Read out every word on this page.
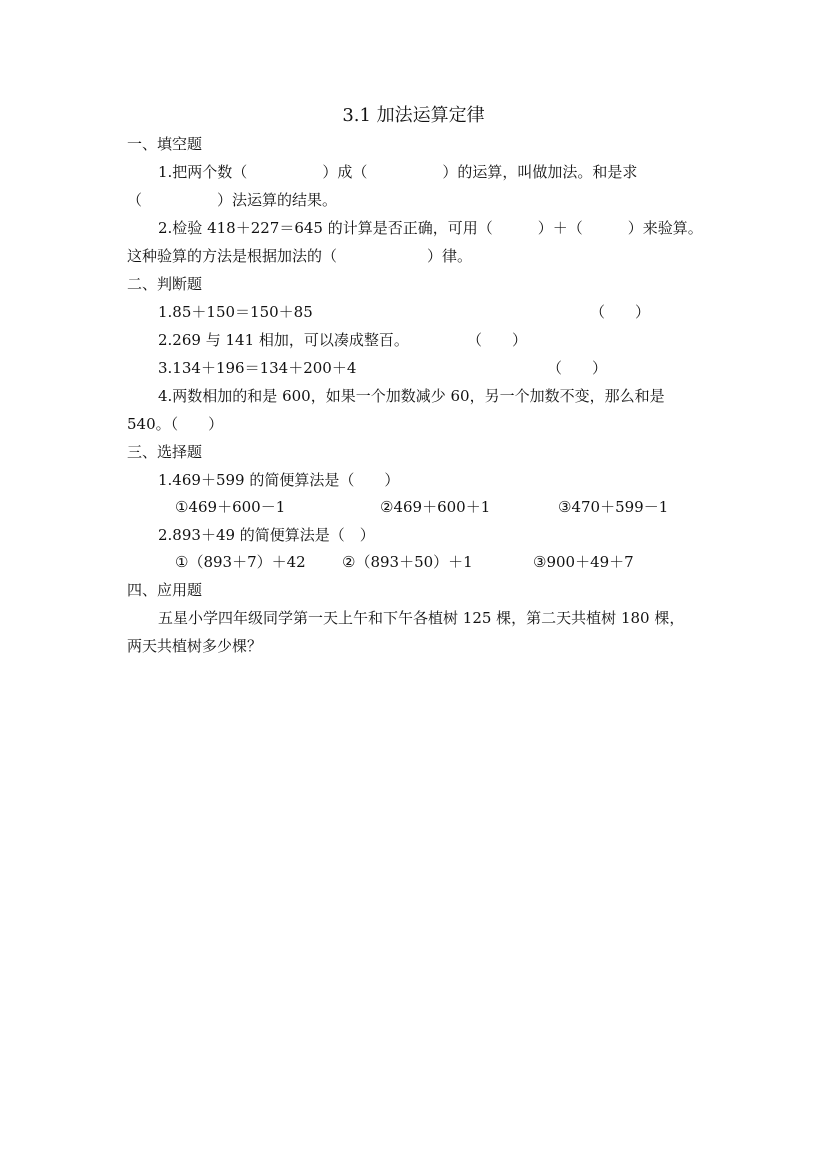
3.1 加法运算定律
一、填空题
1.把两个数（　　　　　）成（　　　　　）的运算，叫做加法。和是求
（　　　　　）法运算的结果。
2.检验 418＋227＝645 的计算是否正确，可用（　　　）＋（　　　）来验算。
这种验算的方法是根据加法的（　　　　　　）律。
二、判断题
1.85＋150＝150＋85	（　　）
2.269 与 141 相加，可以凑成整百。	（　　）
3.134＋196＝134＋200＋4	（　　）
4.两数相加的和是 600，如果一个加数减少 60，另一个加数不变，那么和是
540。（　　）
三、选择题
1.469＋599 的简便算法是（　　）
①469＋600－1	②469＋600＋1	③470＋599－1
2.893＋49 的简便算法是（　）
①（893＋7）＋42 ②（893＋50）＋1	③900＋49＋7
四、应用题
五星小学四年级同学第一天上午和下午各植树 125 棵，第二天共植树 180 棵，
两天共植树多少棵？
